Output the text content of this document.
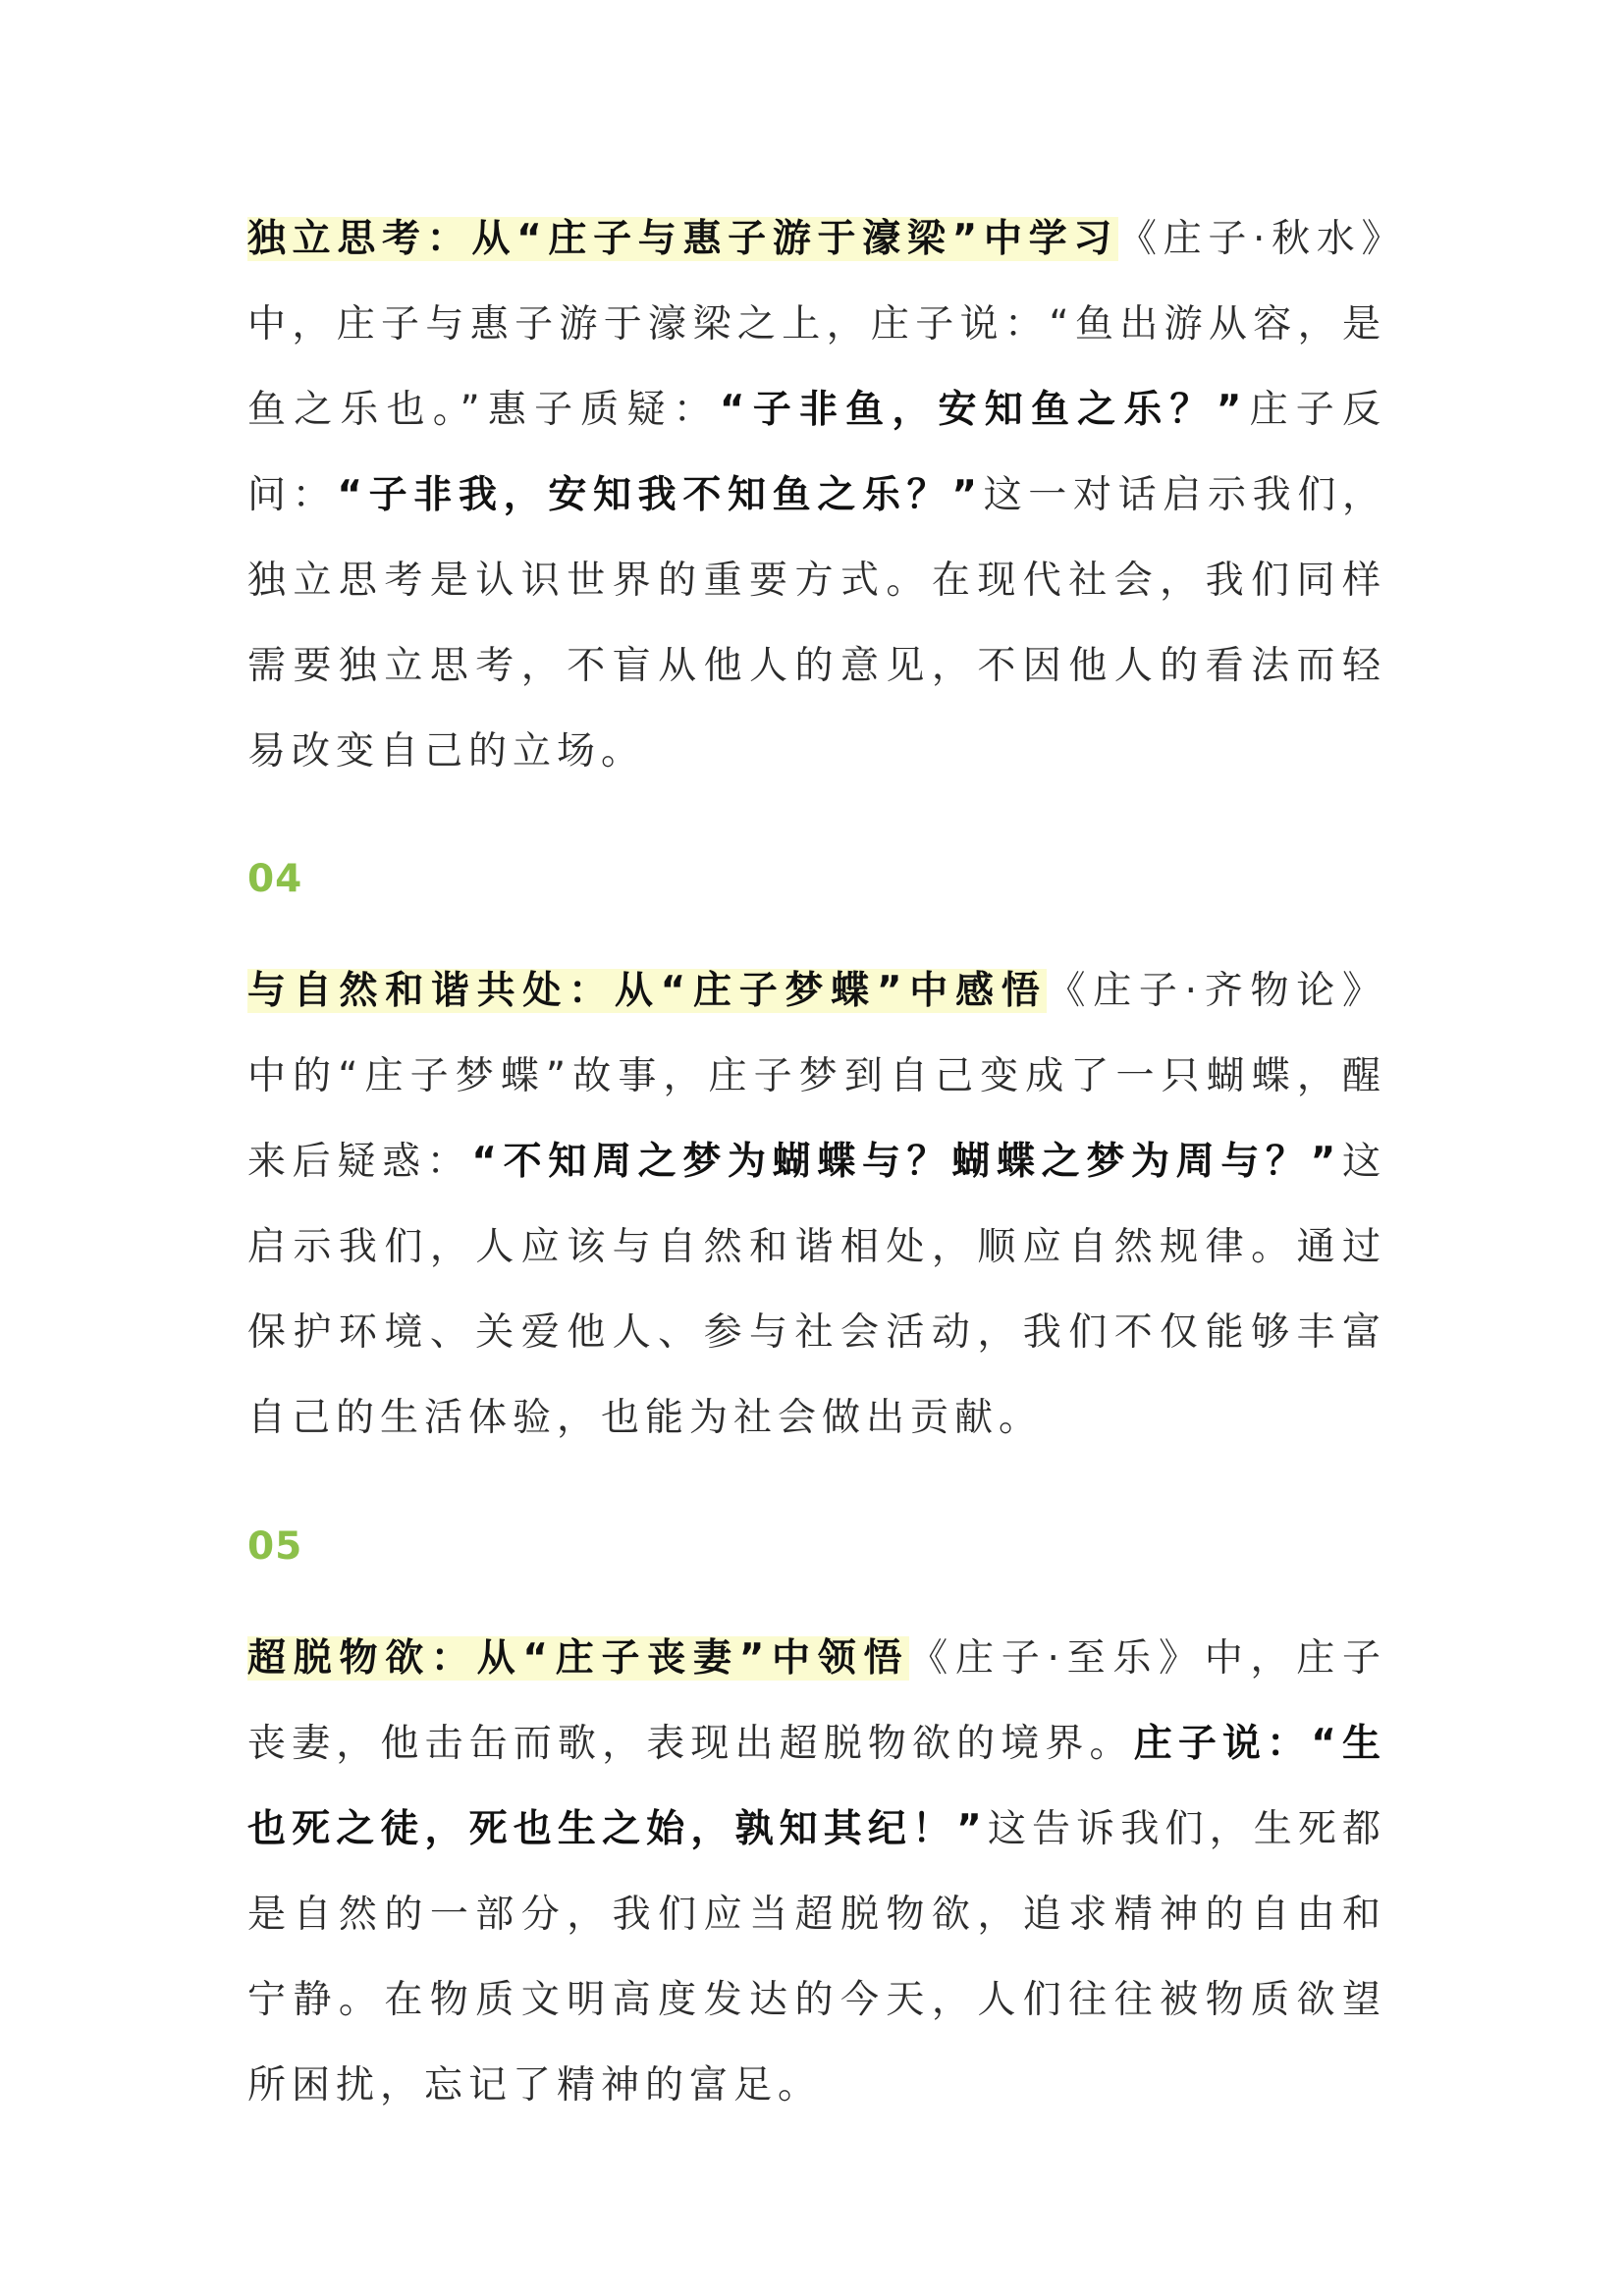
独立思考：从“庄子与惠子游于濠梁”中学习《庄子·秋水》中，庄子与惠子游于濠梁之上，庄子说：“鱼出游从容，是鱼之乐也。”惠子质疑：“子非鱼，安知鱼之乐？”庄子反问：“子非我，安知我不知鱼之乐？”这一对话启示我们，独立思考是认识世界的重要方式。在现代社会，我们同样需要独立思考，不盲从他人的意见，不因他人的看法而轻易改变自己的立场。

04

与自然和谐共处：从“庄子梦蝶”中感悟《庄子·齐物论》中的“庄子梦蝶”故事，庄子梦到自己变成了一只蝴蝶，醒来后疑惑：“不知周之梦为蝴蝶与？蝴蝶之梦为周与？”这启示我们，人应该与自然和谐相处，顺应自然规律。通过保护环境、关爱他人、参与社会活动，我们不仅能够丰富自己的生活体验，也能为社会做出贡献。

05

超脱物欲：从“庄子丧妻”中领悟《庄子·至乐》中，庄子丧妻，他击缶而歌，表现出超脱物欲的境界。庄子说：“生也死之徒，死也生之始，孰知其纪！”这告诉我们，生死都是自然的一部分，我们应当超脱物欲，追求精神的自由和宁静。在物质文明高度发达的今天，人们往往被物质欲望所困扰，忘记了精神的富足。
